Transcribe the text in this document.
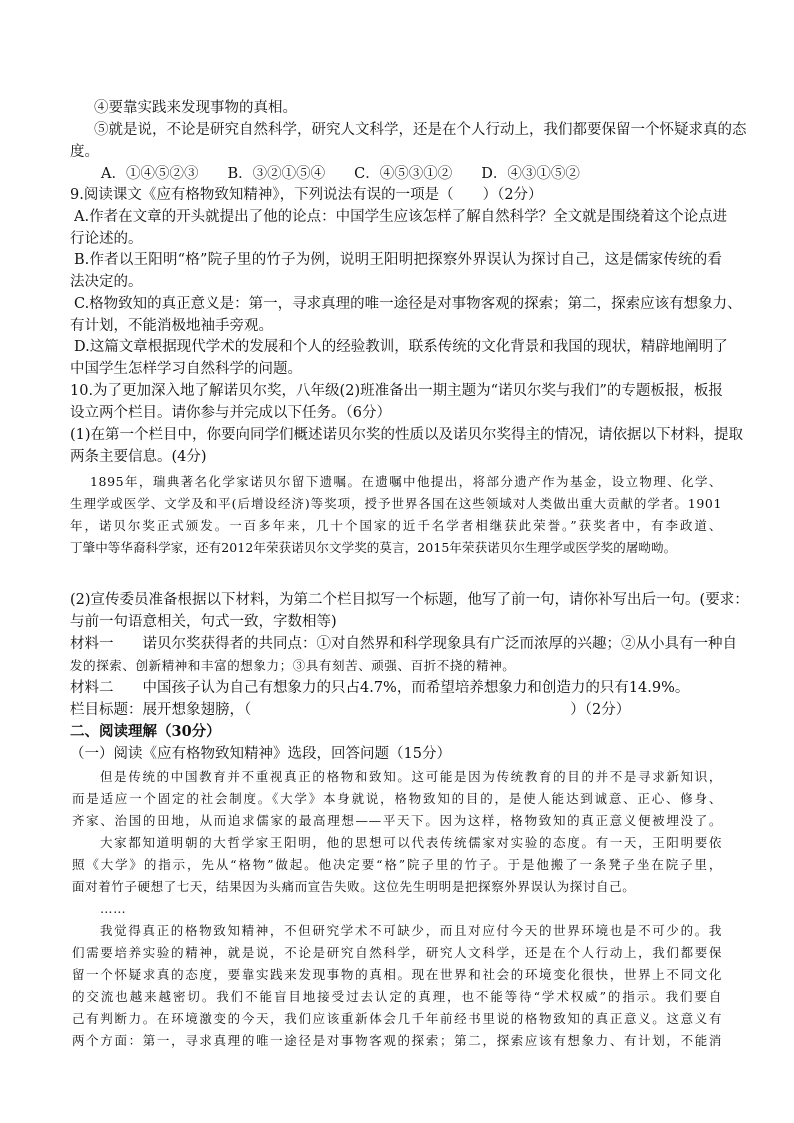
④要靠实践来发现事物的真相。
⑤就是说，不论是研究自然科学，研究人文科学，还是在个人行动上，我们都要保留一个怀疑求真的态
度。
A．①④⑤②③　　B．③②①⑤④　　C．④⑤③①②　　D．④③①⑤②
9.阅读课文《应有格物致知精神》，下列说法有误的一项是（　　）（2分）
A.作者在文章的开头就提出了他的论点：中国学生应该怎样了解自然科学？全文就是围绕着这个论点进
行论述的。
B.作者以王阳明“格”院子里的竹子为例，说明王阳明把探察外界误认为探讨自己，这是儒家传统的看
法决定的。
C.格物致知的真正意义是：第一，寻求真理的唯一途径是对事物客观的探索；第二，探索应该有想象力、
有计划，不能消极地袖手旁观。
D.这篇文章根据现代学术的发展和个人的经验教训，联系传统的文化背景和我国的现状，精辟地阐明了
中国学生怎样学习自然科学的问题。
10.为了更加深入地了解诺贝尔奖，八年级(2)班准备出一期主题为“诺贝尔奖与我们”的专题板报，板报
设立两个栏目。请你参与并完成以下任务。（6分）
(1)在第一个栏目中，你要向同学们概述诺贝尔奖的性质以及诺贝尔奖得主的情况，请依据以下材料，提取
两条主要信息。(4分)
1895年，瑞典著名化学家诺贝尔留下遗嘱。在遗嘱中他提出，将部分遗产作为基金，设立物理、化学、
生理学或医学、文学及和平(后增设经济)等奖项，授予世界各国在这些领域对人类做出重大贡献的学者。1901
年，诺贝尔奖正式颁发。一百多年来，几十个国家的近千名学者相继获此荣誉。”获奖者中，有李政道、
丁肇中等华裔科学家，还有2012年荣获诺贝尔文学奖的莫言，2015年荣获诺贝尔生理学或医学奖的屠呦呦。
(2)宣传委员准备根据以下材料，为第二个栏目拟写一个标题，他写了前一句，请你补写出后一句。(要求：
与前一句语意相关，句式一致，字数相等)
材料一　　诺贝尔奖获得者的共同点：①对自然界和科学现象具有广泛而浓厚的兴趣；②从小具有一种自
发的探索、创新精神和丰富的想象力；③具有刻苦、顽强、百折不挠的精神。
材料二　　中国孩子认为自己有想象力的只占4.7%，而希望培养想象力和创造力的只有14.9%。
栏目标题：展开想象翅膀，（　　　　　　　　　　　　　　　　　　　　　　）（2分）
二、阅读理解（30分）
（一）阅读《应有格物致知精神》选段，回答问题（15分）
但是传统的中国教育并不重视真正的格物和致知。这可能是因为传统教育的目的并不是寻求新知识，
而是适应一个固定的社会制度。《大学》本身就说，格物致知的目的，是使人能达到诚意、正心、修身、
齐家、治国的田地，从而追求儒家的最高理想——平天下。因为这样，格物致知的真正意义便被埋没了。
大家都知道明朝的大哲学家王阳明，他的思想可以代表传统儒家对实验的态度。有一天，王阳明要依
照《大学》的指示，先从“格物”做起。他决定要“格”院子里的竹子。于是他搬了一条凳子坐在院子里，
面对着竹子硬想了七天，结果因为头痛而宣告失败。这位先生明明是把探察外界误认为探讨自己。
……
我觉得真正的格物致知精神，不但研究学术不可缺少，而且对应付今天的世界环境也是不可少的。我
们需要培养实验的精神，就是说，不论是研究自然科学，研究人文科学，还是在个人行动上，我们都要保
留一个怀疑求真的态度，要靠实践来发现事物的真相。现在世界和社会的环境变化很快，世界上不同文化
的交流也越来越密切。我们不能盲目地接受过去认定的真理，也不能等待“学术权威”的指示。我们要自
己有判断力。在环境激变的今天，我们应该重新体会几千年前经书里说的格物致知的真正意义。这意义有
两个方面：第一，寻求真理的唯一途径是对事物客观的探索；第二，探索应该有想象力、有计划，不能消
